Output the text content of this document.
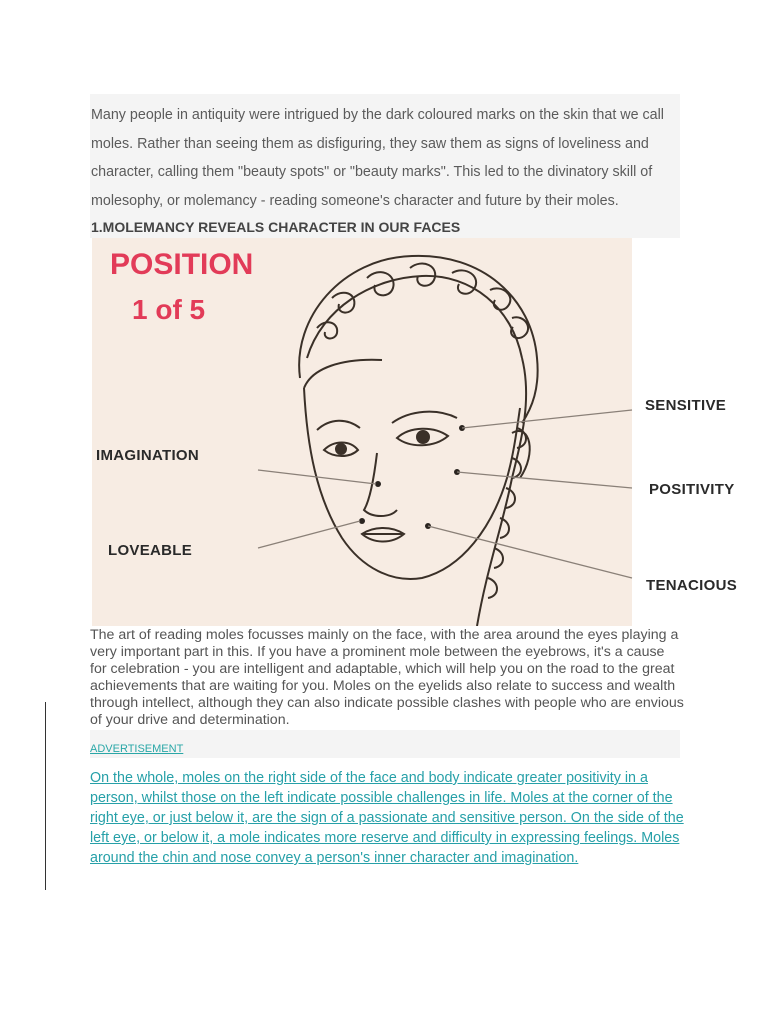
Many people in antiquity were intrigued by the dark coloured marks on the skin that we call moles. Rather than seeing them as disfiguring, they saw them as signs of loveliness and character, calling them "beauty spots" or "beauty marks". This led to the divinatory skill of molesophy, or molemancy - reading someone's character and future by their moles.

1.MOLEMANCY REVEALS CHARACTER IN OUR FACES

POSITION

1 of 5

IMAGINATION

LOVEABLE

SENSITIVE

POSITIVITY

TENACIOUS

The art of reading moles focusses mainly on the face, with the area around the eyes playing a very important part in this. If you have a prominent mole between the eyebrows, it's a cause for celebration - you are intelligent and adaptable, which will help you on the road to the great achievements that are waiting for you. Moles on the eyelids also relate to success and wealth through intellect, although they can also indicate possible clashes with people who are envious of your drive and determination.

ADVERTISEMENT
On the whole, moles on the right side of the face and body indicate greater positivity in a person, whilst those on the left indicate possible challenges in life. Moles at the corner of the right eye, or just below it, are the sign of a passionate and sensitive person. On the side of the left eye, or below it, a mole indicates more reserve and difficulty in expressing feelings. Moles around the chin and nose convey a person's inner character and imagination.
